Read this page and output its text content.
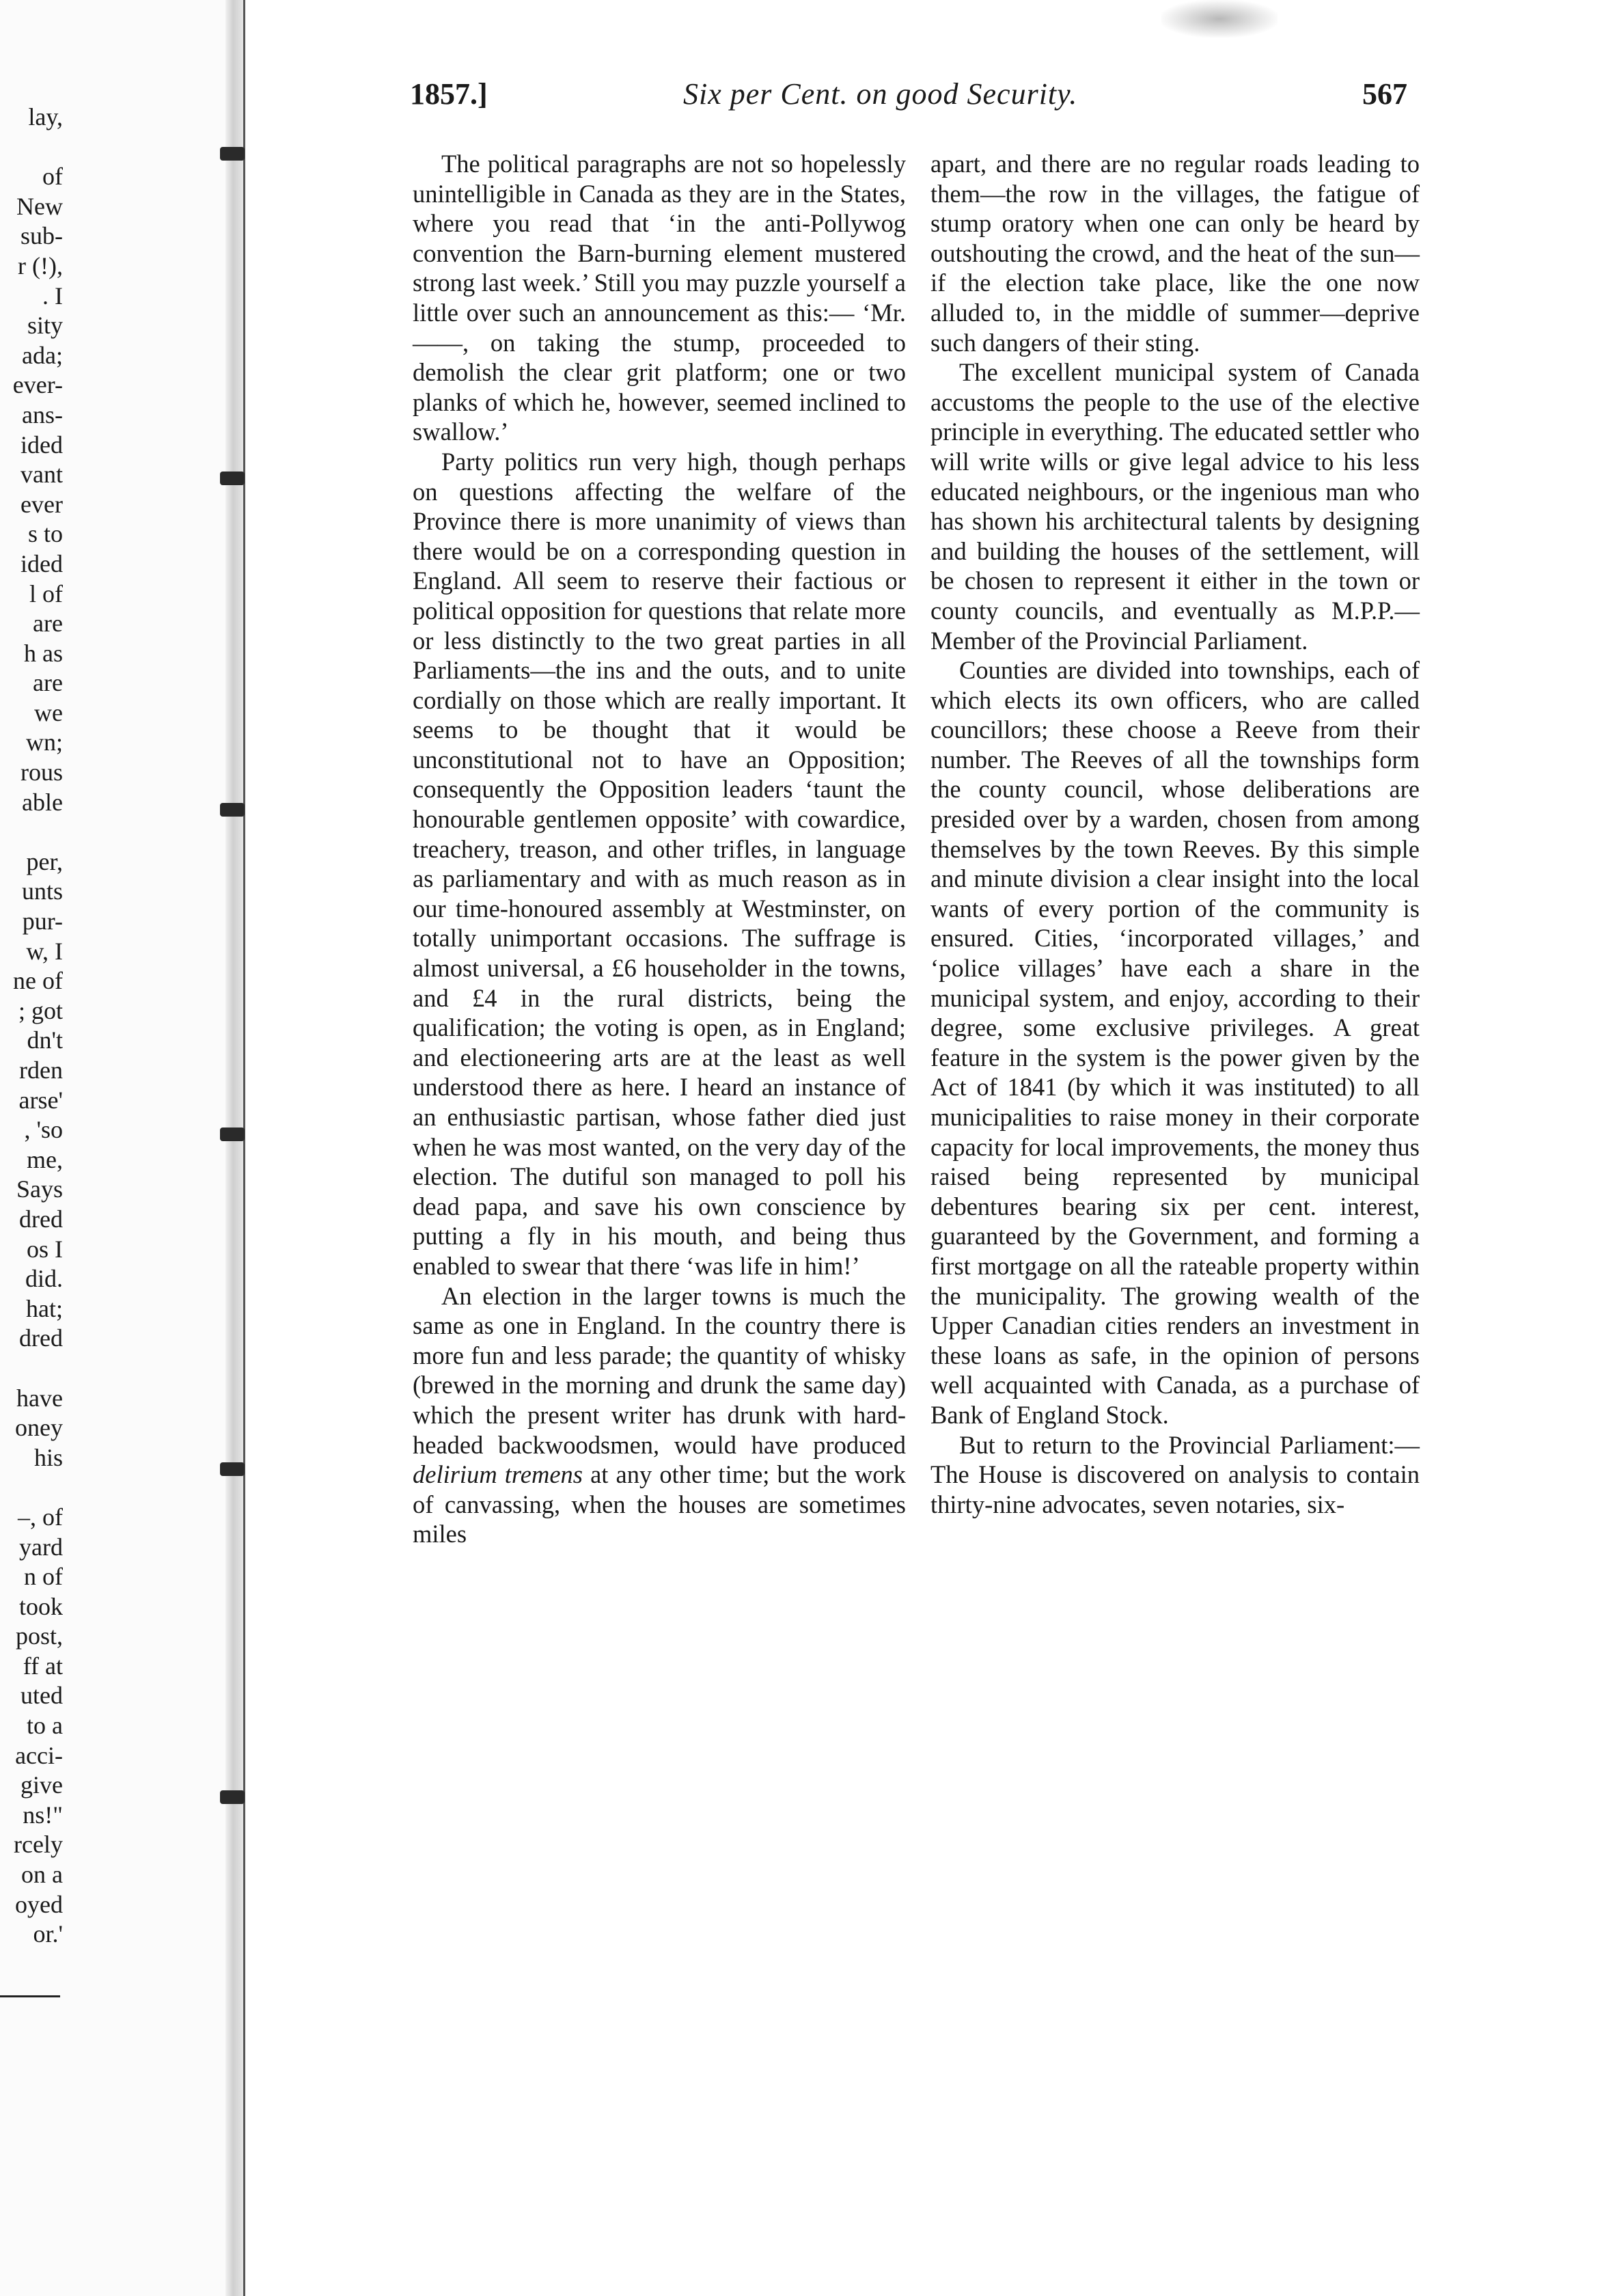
lay,

of
New
sub-
r (!),
. I
sity
ada;
ever-
ans-
ided
vant
ever
s to
ided
l of
are
h as
are
we
wn;
rous
able

per,
unts
pur-
w, I
ne of
; got
dn't
rden
arse'
, 'so
me,
Says
dred
os I
did.
hat;
dred

have
oney
his

–, of
yard
n of
took
post,
ff at
uted
to a
acci-
give
ns!"
rcely
on a
oyed
or.'
1857.]	Six per Cent. on good Security.	567

The political paragraphs are not so hopelessly unintelligible in Canada as they are in the States, where you read that ‘in the anti-Pollywog convention the Barn-burning element mustered strong last week.’ Still you may puzzle yourself a little over such an announcement as this:— ‘Mr. ——, on taking the stump, proceeded to demolish the clear grit platform; one or two planks of which he, however, seemed inclined to swallow.’

Party politics run very high, though perhaps on questions affecting the welfare of the Province there is more unanimity of views than there would be on a corresponding question in England. All seem to reserve their factious or political opposition for questions that relate more or less distinctly to the two great parties in all Parliaments—the ins and the outs, and to unite cordially on those which are really important. It seems to be thought that it would be unconstitutional not to have an Opposition; consequently the Opposition leaders ‘taunt the honourable gentlemen opposite’ with cowardice, treachery, treason, and other trifles, in language as parliamentary and with as much reason as in our time-honoured assembly at Westminster, on totally unimportant occasions. The suffrage is almost universal, a £6 householder in the towns, and £4 in the rural districts, being the qualification; the voting is open, as in England; and electioneering arts are at the least as well understood there as here. I heard an instance of an enthusiastic partisan, whose father died just when he was most wanted, on the very day of the election. The dutiful son managed to poll his dead papa, and save his own conscience by putting a fly in his mouth, and being thus enabled to swear that there ‘was life in him!’

An election in the larger towns is much the same as one in England. In the country there is more fun and less parade; the quantity of whisky (brewed in the morning and drunk the same day) which the present writer has drunk with hard-headed backwoodsmen, would have produced delirium tremens at any other time; but the work of canvassing, when the houses are sometimes miles

apart, and there are no regular roads leading to them—the row in the villages, the fatigue of stump oratory when one can only be heard by outshouting the crowd, and the heat of the sun—if the election take place, like the one now alluded to, in the middle of summer—deprive such dangers of their sting.

The excellent municipal system of Canada accustoms the people to the use of the elective principle in everything. The educated settler who will write wills or give legal advice to his less educated neighbours, or the ingenious man who has shown his architectural talents by designing and building the houses of the settlement, will be chosen to represent it either in the town or county councils, and eventually as M.P.P.—Member of the Provincial Parliament.

Counties are divided into townships, each of which elects its own officers, who are called councillors; these choose a Reeve from their number. The Reeves of all the townships form the county council, whose deliberations are presided over by a warden, chosen from among themselves by the town Reeves. By this simple and minute division a clear insight into the local wants of every portion of the community is ensured. Cities, ‘incorporated villages,’ and ‘police villages’ have each a share in the municipal system, and enjoy, according to their degree, some exclusive privileges. A great feature in the system is the power given by the Act of 1841 (by which it was instituted) to all municipalities to raise money in their corporate capacity for local improvements, the money thus raised being represented by municipal debentures bearing six per cent. interest, guaranteed by the Government, and forming a first mortgage on all the rateable property within the municipality. The growing wealth of the Upper Canadian cities renders an investment in these loans as safe, in the opinion of persons well acquainted with Canada, as a purchase of Bank of England Stock.

But to return to the Provincial Parliament:—The House is discovered on analysis to contain thirty-nine advocates, seven notaries, six-
